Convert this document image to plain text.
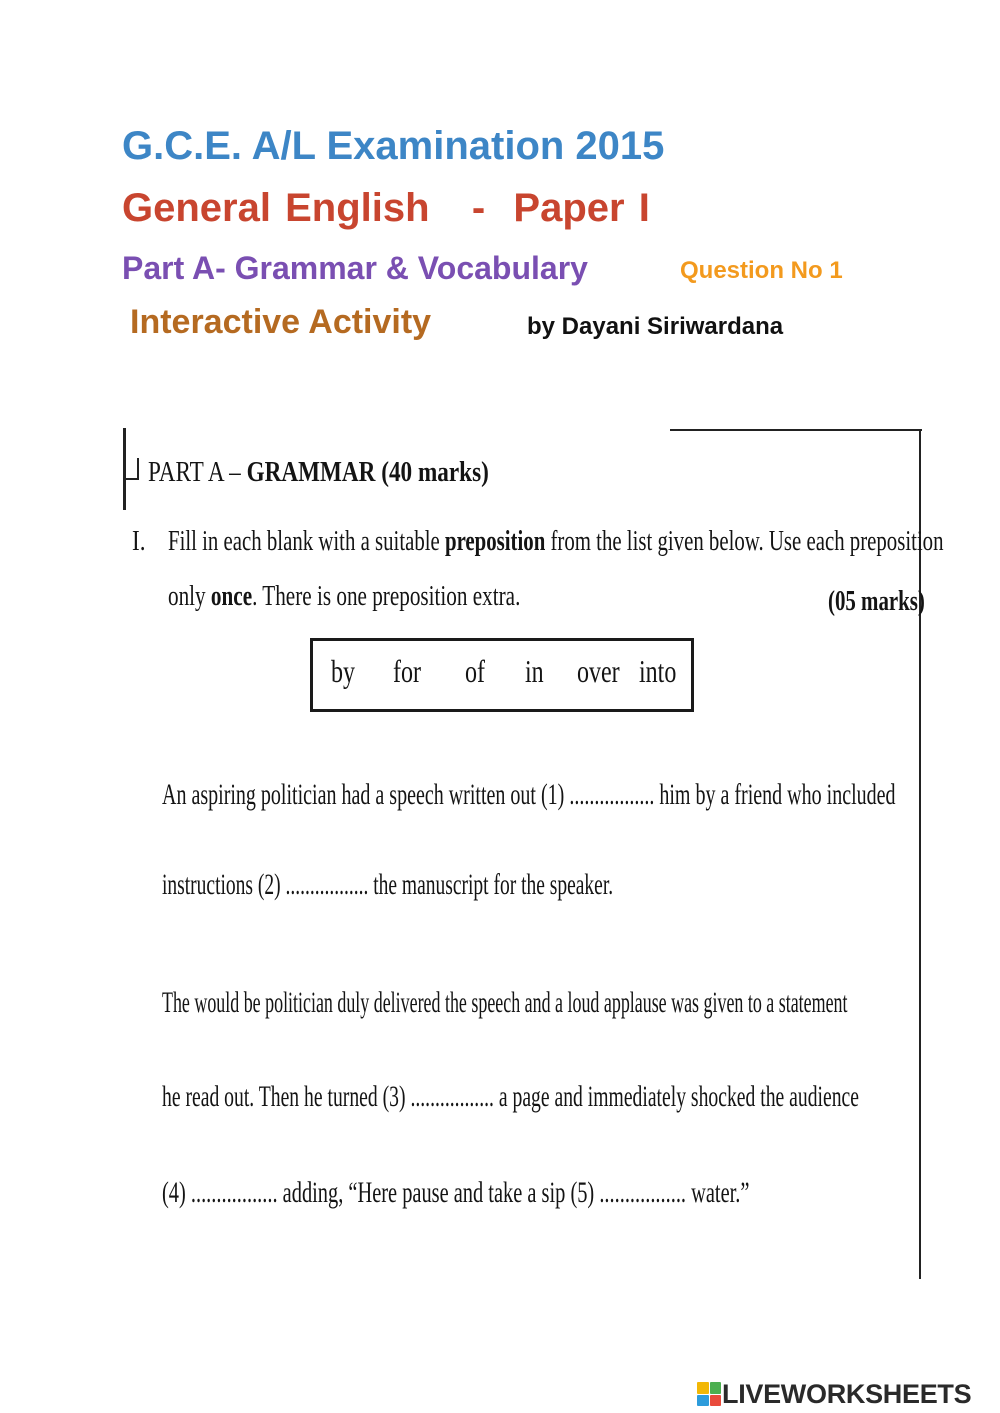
G.C.E. A/L Examination 2015
General English   -  Paper I
Part A- Grammar & Vocabulary	Question No 1
Interactive Activity	by Dayani Siriwardana
PART A – GRAMMAR (40 marks)
I. Fill in each blank with a suitable preposition from the list given below. Use each preposition
only once. There is one preposition extra.	(05 marks)
by for of in over into
An aspiring politician had a speech written out (1) ................. him by a friend who included
instructions (2) ................. the manuscript for the speaker.
The would be politician duly delivered the speech and a loud applause was given to a statement
he read out. Then he turned (3) ................. a page and immediately shocked the audience
(4) ................. adding, “Here pause and take a sip (5) ................. water.”
LIVEWORKSHEETS
